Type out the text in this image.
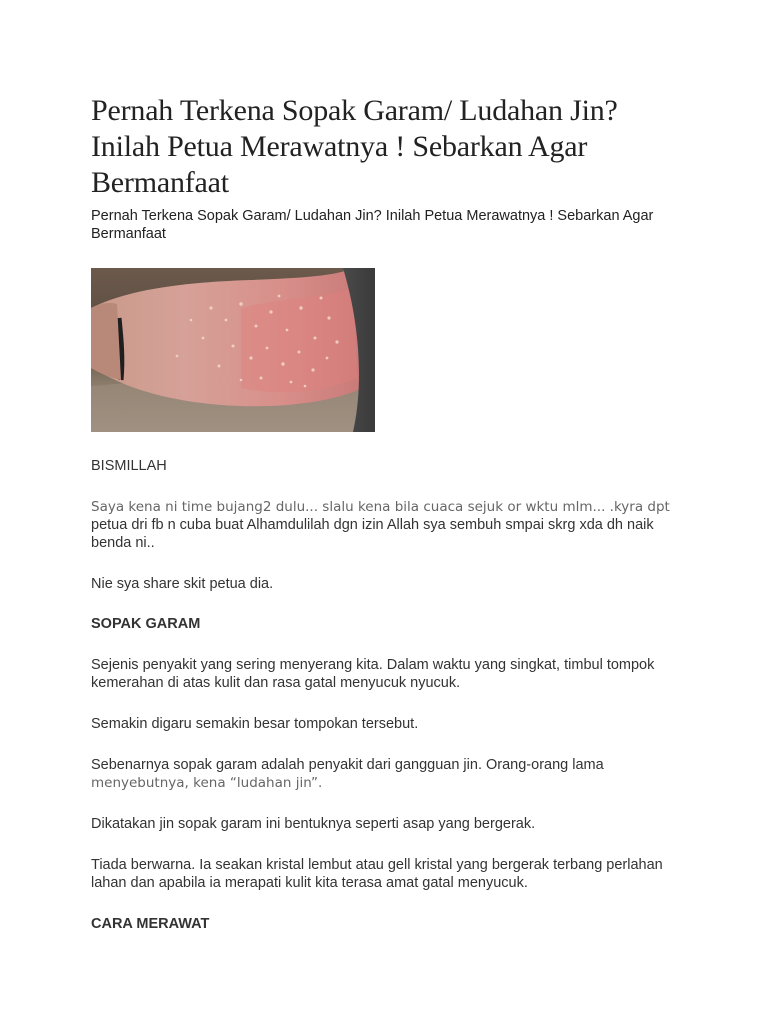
Pernah Terkena Sopak Garam/ Ludahan Jin? Inilah Petua Merawatnya ! Sebarkan Agar Bermanfaat

Pernah Terkena Sopak Garam/ Ludahan Jin? Inilah Petua Merawatnya ! Sebarkan Agar Bermanfaat

BISMILLAH

Saya kena ni time bujang2 dulu... slalu kena bila cuaca sejuk or wktu mlm... .kyra dpt
petua dri fb n cuba buat Alhamdulilah dgn izin Allah sya sembuh smpai skrg xda dh naik benda ni..

Nie sya share skit petua dia.

SOPAK GARAM

Sejenis penyakit yang sering menyerang kita. Dalam waktu yang singkat, timbul tompok kemerahan di atas kulit dan rasa gatal menyucuk nyucuk.

Semakin digaru semakin besar tompokan tersebut.

Sebenarnya sopak garam adalah penyakit dari gangguan jin. Orang-orang lama
menyebutnya, kena “ludahan jin”.

Dikatakan jin sopak garam ini bentuknya seperti asap yang bergerak.

Tiada berwarna. Ia seakan kristal lembut atau gell kristal yang bergerak terbang perlahan lahan dan apabila ia merapati kulit kita terasa amat gatal menyucuk.

CARA MERAWAT
